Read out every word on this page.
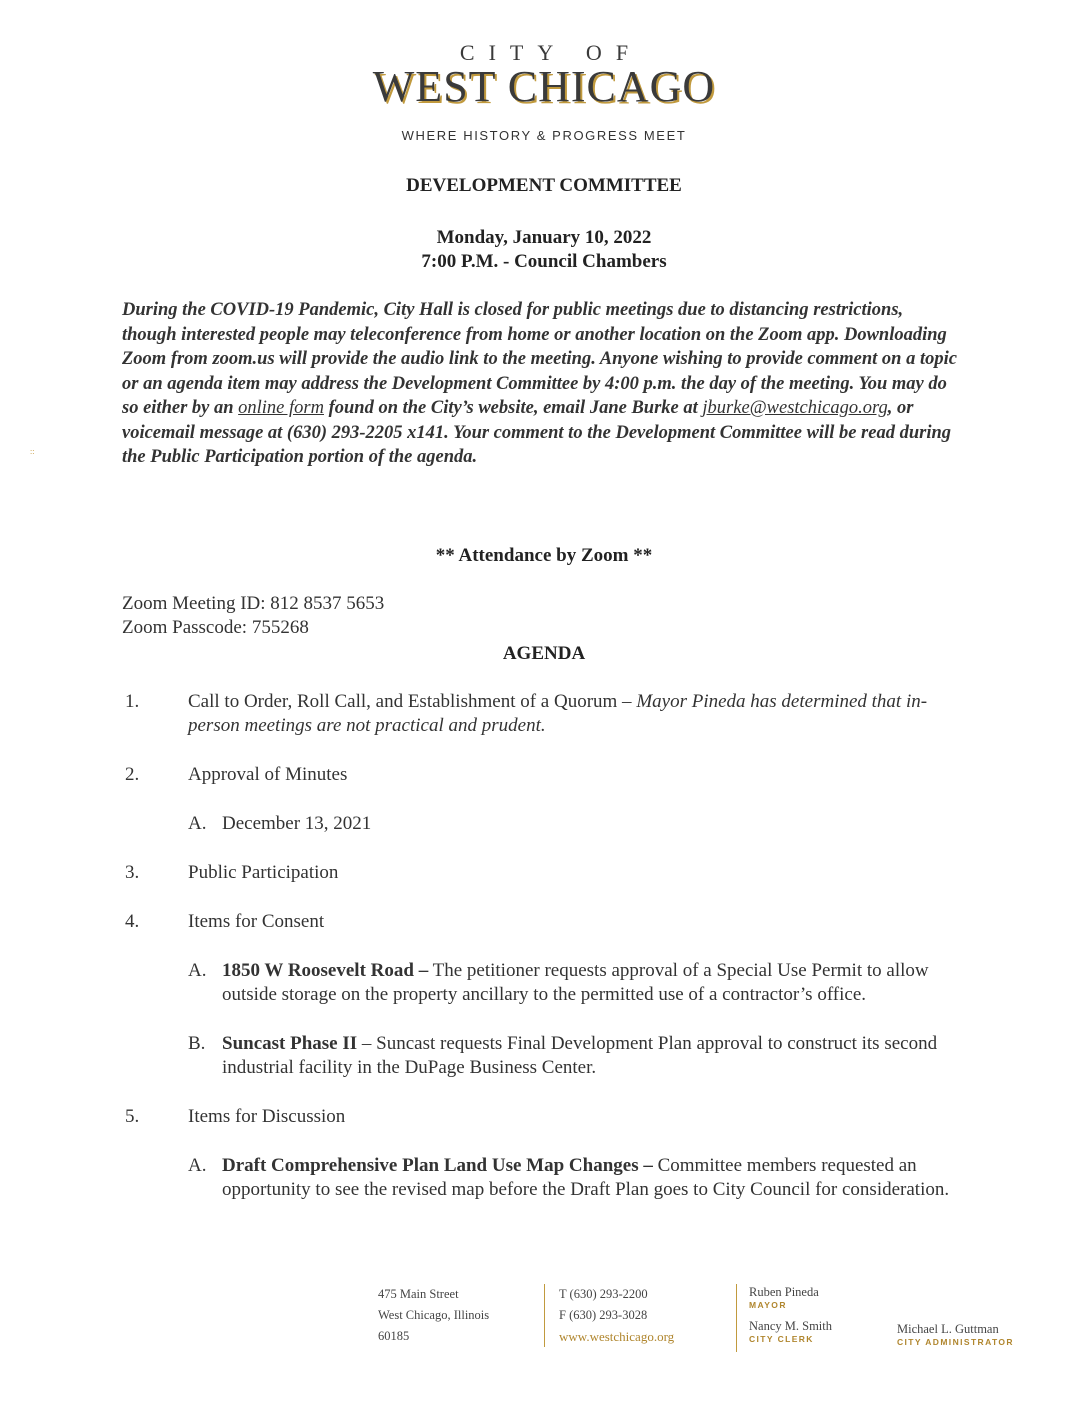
CITY OF
WEST CHICAGO
WHERE HISTORY & PROGRESS MEET
DEVELOPMENT COMMITTEE
Monday, January 10, 2022
7:00 P.M. - Council Chambers
During the COVID-19 Pandemic, City Hall is closed for public meetings due to distancing restrictions, though interested people may teleconference from home or another location on the Zoom app. Downloading Zoom from zoom.us will provide the audio link to the meeting. Anyone wishing to provide comment on a topic or an agenda item may address the Development Committee by 4:00 p.m. the day of the meeting. You may do so either by an online form found on the City’s website, email Jane Burke at jburke@westchicago.org, or voicemail message at (630) 293-2205 x141. Your comment to the Development Committee will be read during the Public Participation portion of the agenda.
::
** Attendance by Zoom **
Zoom Meeting ID: 812 8537 5653
Zoom Passcode: 755268
AGENDA
1.	Call to Order, Roll Call, and Establishment of a Quorum – Mayor Pineda has determined that in-person meetings are not practical and prudent.
2.	Approval of Minutes
A. December 13, 2021
3.	Public Participation
4.	Items for Consent
A. 1850 W Roosevelt Road – The petitioner requests approval of a Special Use Permit to allow outside storage on the property ancillary to the permitted use of a contractor’s office.
B. Suncast Phase II – Suncast requests Final Development Plan approval to construct its second industrial facility in the DuPage Business Center.
5.	Items for Discussion
A. Draft Comprehensive Plan Land Use Map Changes – Committee members requested an opportunity to see the revised map before the Draft Plan goes to City Council for consideration.
475 Main Street
West Chicago, Illinois
60185
T (630) 293-2200
F (630) 293-3028
www.westchicago.org
Ruben Pineda
MAYOR
Nancy M. Smith
CITY CLERK
Michael L. Guttman
CITY ADMINISTRATOR
